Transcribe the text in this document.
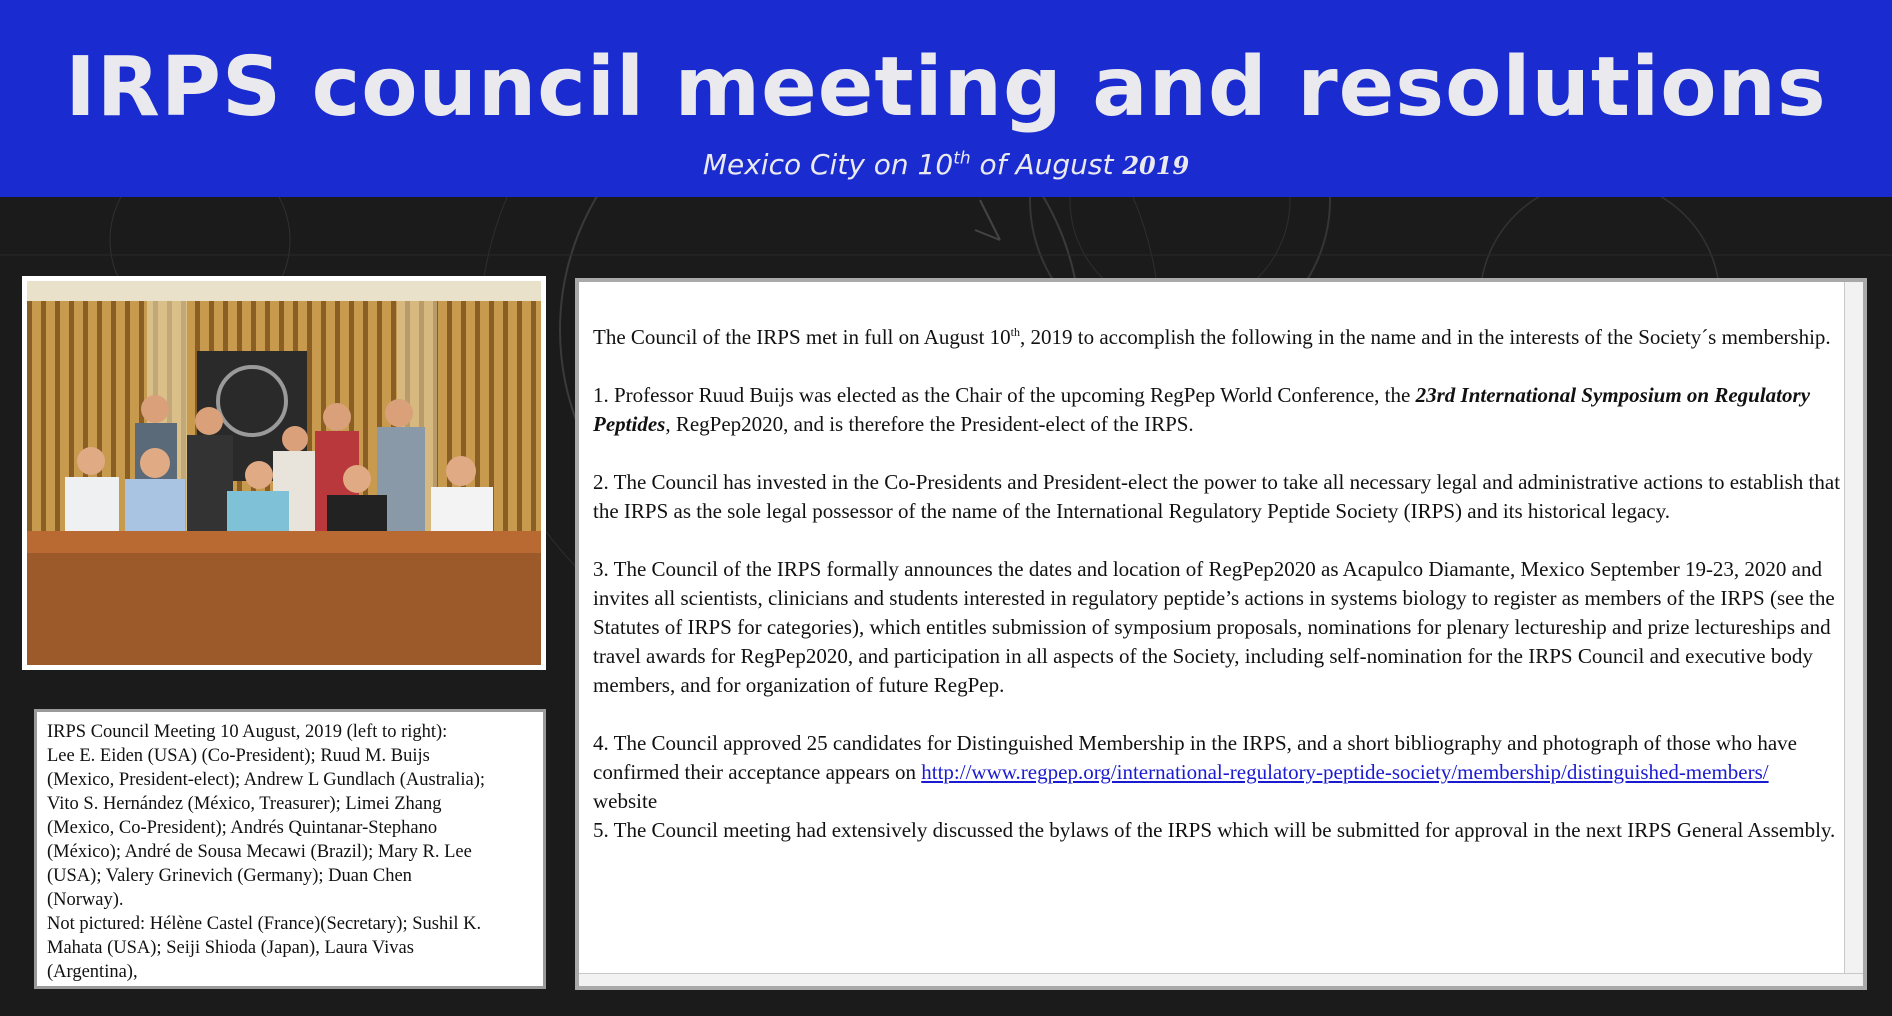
IRPS council meeting and resolutions
Mexico City on 10th of August 2019
IRPS Council Meeting 10 August, 2019 (left to right):
Lee E. Eiden (USA) (Co-President); Ruud M. Buijs
(Mexico, President-elect); Andrew L Gundlach (Australia);
Vito S. Hernández (México, Treasurer); Limei Zhang
(Mexico, Co-President); Andrés Quintanar-Stephano
(México); André de Sousa Mecawi (Brazil); Mary R. Lee
(USA); Valery Grinevich (Germany); Duan Chen
(Norway).
Not pictured: Hélène Castel (France)(Secretary); Sushil K.
Mahata (USA); Seiji Shioda (Japan), Laura Vivas
(Argentina),

The Council of the IRPS met in full on August 10th, 2019 to accomplish the following in the name and in the interests of the Society´s membership.

1. Professor Ruud Buijs was elected as the Chair of the upcoming RegPep World Conference, the 23rd International Symposium on Regulatory Peptides, RegPep2020, and is therefore the President-elect of the IRPS.

2. The Council has invested in the Co-Presidents and President-elect the power to take all necessary legal and administrative actions to establish that the IRPS as the sole legal possessor of the name of the International Regulatory Peptide Society (IRPS) and its historical legacy.

3. The Council of the IRPS formally announces the dates and location of RegPep2020 as Acapulco Diamante, Mexico September 19-23, 2020 and invites all scientists, clinicians and students interested in regulatory peptide’s actions in systems biology to register as members of the IRPS (see the Statutes of IRPS for categories), which entitles submission of symposium proposals, nominations for plenary lectureship and prize lectureships and travel awards for RegPep2020, and participation in all aspects of the Society, including self-nomination for the IRPS Council and executive body members, and for organization of future RegPep.

4. The Council approved 25 candidates for Distinguished Membership in the IRPS, and a short bibliography and photograph of those who have confirmed their acceptance appears on http://www.regpep.org/international-regulatory-peptide-society/membership/distinguished-members/
website

5. The Council meeting had extensively discussed the bylaws of the IRPS which will be submitted for approval in the next IRPS General Assembly.
